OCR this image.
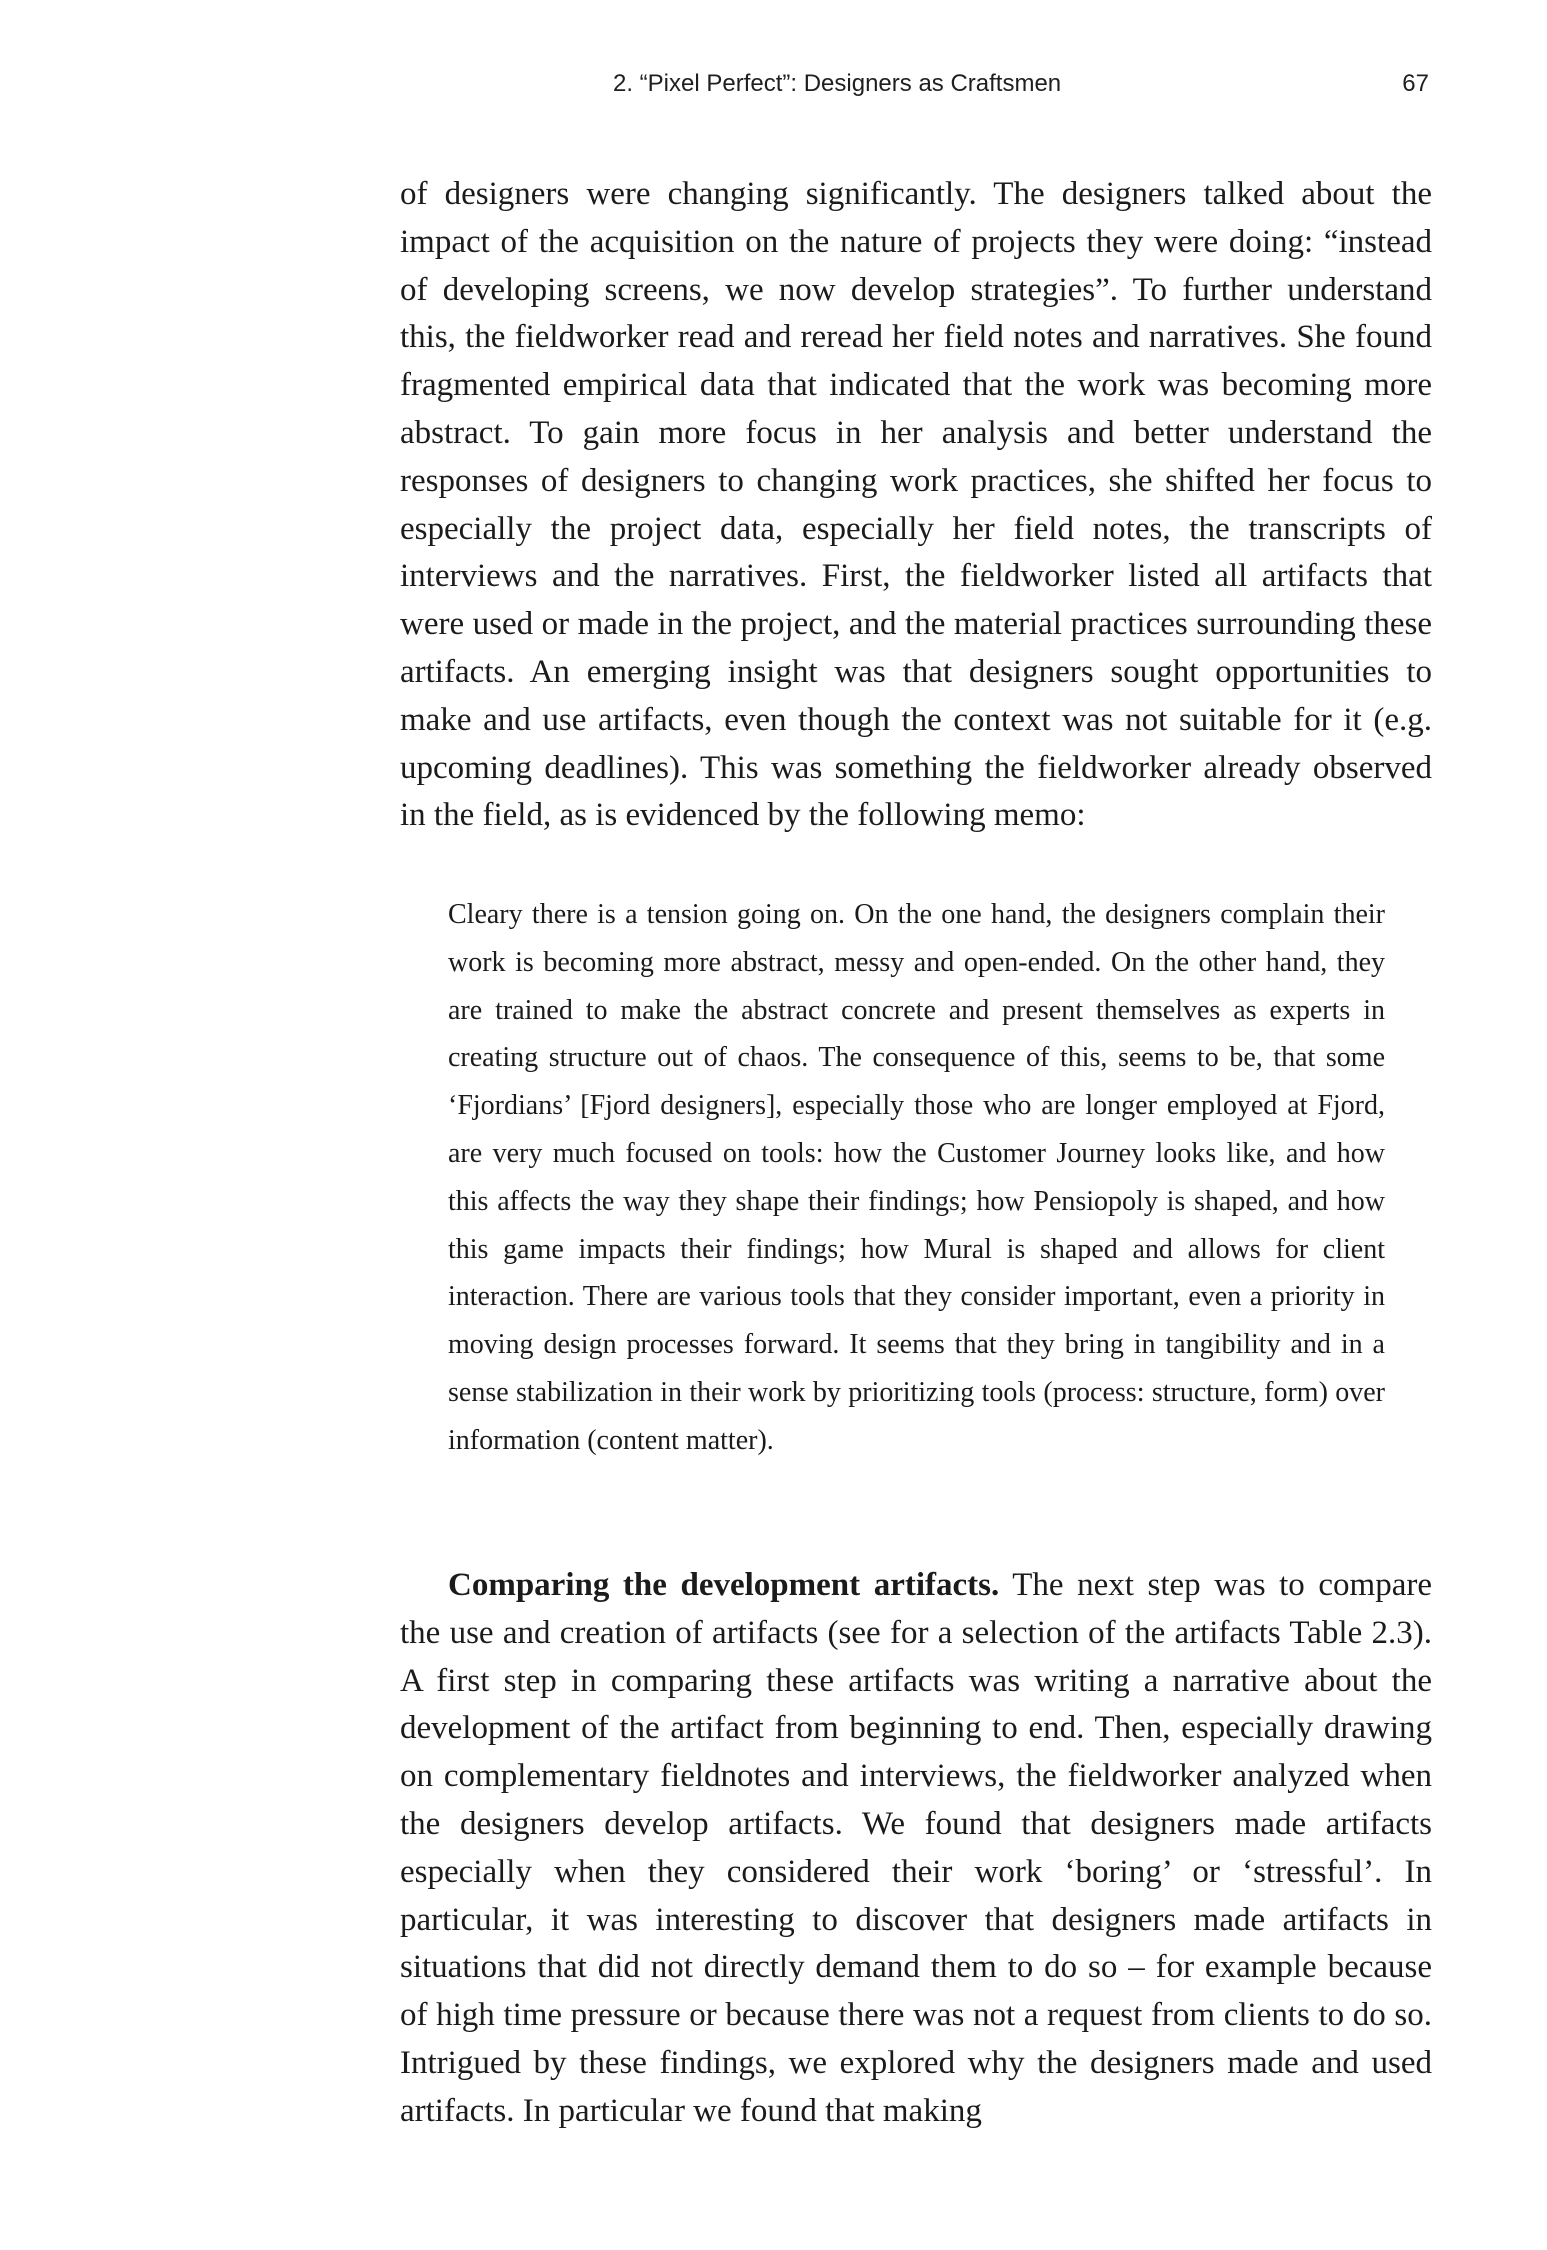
2. “Pixel Perfect”: Designers as Craftsmen	67

of designers were changing significantly. The designers talked about the impact of the acquisition on the nature of projects they were doing: “instead of developing screens, we now develop strategies”. To further understand this, the fieldworker read and reread her field notes and narratives. She found fragmented empirical data that indicated that the work was becoming more abstract. To gain more focus in her analysis and better understand the responses of designers to changing work practices, she shifted her focus to especially the project data, especially her field notes, the transcripts of interviews and the narratives. First, the fieldworker listed all artifacts that were used or made in the project, and the material practices surrounding these artifacts. An emerging insight was that designers sought opportunities to make and use artifacts, even though the context was not suitable for it (e.g. upcoming deadlines). This was something the fieldworker already observed in the field, as is evidenced by the following memo:

Cleary there is a tension going on. On the one hand, the designers complain their work is becoming more abstract, messy and open-ended. On the other hand, they are trained to make the abstract concrete and present themselves as experts in creating structure out of chaos. The consequence of this, seems to be, that some ‘Fjordians’ [Fjord designers], especially those who are longer employed at Fjord, are very much focused on tools: how the Customer Journey looks like, and how this affects the way they shape their findings; how Pensiopoly is shaped, and how this game impacts their findings; how Mural is shaped and allows for client interaction. There are various tools that they consider important, even a priority in moving design processes forward. It seems that they bring in tangibility and in a sense stabilization in their work by prioritizing tools (process: structure, form) over information (content matter).

Comparing the development artifacts. The next step was to compare the use and creation of artifacts (see for a selection of the artifacts Table 2.3). A first step in comparing these artifacts was writing a narrative about the development of the artifact from beginning to end. Then, especially drawing on complementary fieldnotes and interviews, the fieldworker analyzed when the designers develop artifacts. We found that designers made artifacts especially when they considered their work ‘boring’ or ‘stressful’. In particular, it was interesting to discover that designers made artifacts in situations that did not directly demand them to do so – for example because of high time pressure or because there was not a request from clients to do so. Intrigued by these findings, we explored why the designers made and used artifacts. In particular we found that making
